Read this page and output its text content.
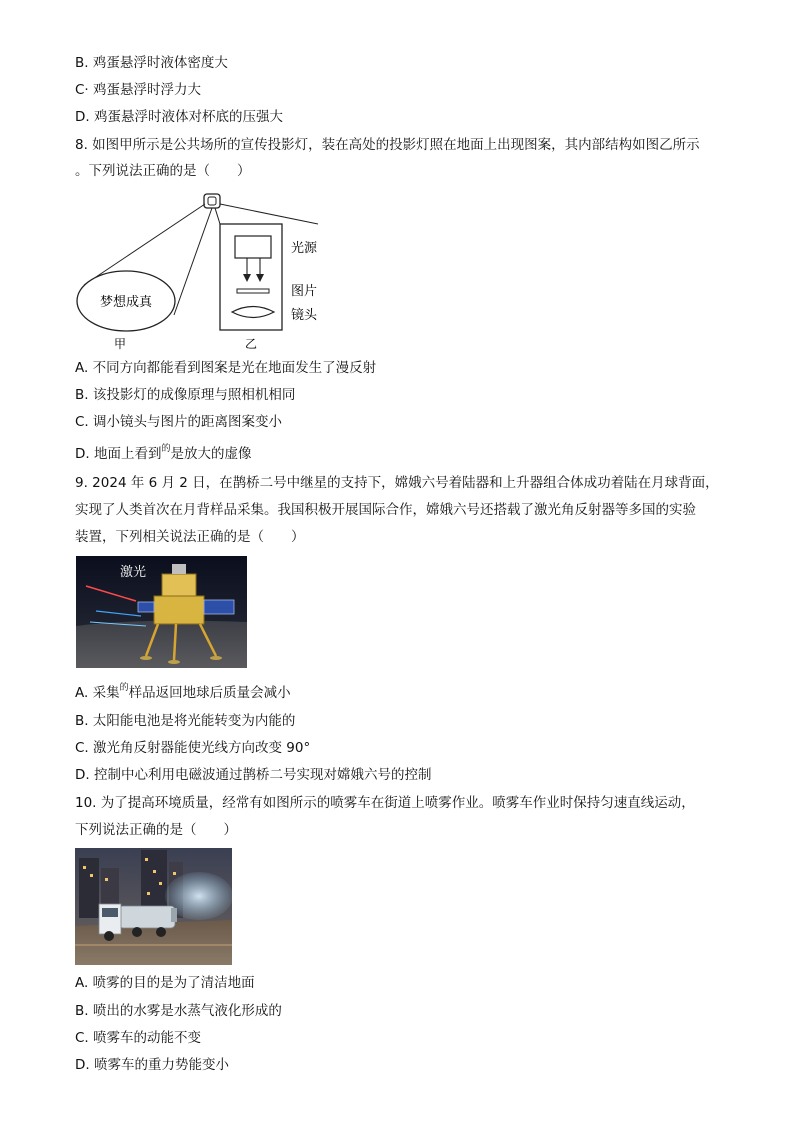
B. 鸡蛋悬浮时液体密度大
C· 鸡蛋悬浮时浮力大
D. 鸡蛋悬浮时液体对杯底的压强大
8. 如图甲所示是公共场所的宣传投影灯，装在高处的投影灯照在地面上出现图案，其内部结构如图乙所示
。下列说法正确的是（　　）
梦想成真
甲	乙
光源
图片
镜头
A. 不同方向都能看到图案是光在地面发生了漫反射
B. 该投影灯的成像原理与照相机相同
C. 调小镜头与图片的距离图案变小
D. 地面上看到$^的$是放大的虚像
9. 2024 年 6 月 2 日，在鹊桥二号中继星的支持下，嫦娥六号着陆器和上升器组合体成功着陆在月球背面，
实现了人类首次在月背样品采集。我国积极开展国际合作，嫦娥六号还搭载了激光角反射器等多国的实验
装置，下列相关说法正确的是（　　）
激光
A. 采集$^的$样品返回地球后质量会减小
B. 太阳能电池是将光能转变为内能的
C. 激光角反射器能使光线方向改变 90°
D. 控制中心利用电磁波通过鹊桥二号实现对嫦娥六号的控制
10. 为了提高环境质量，经常有如图所示的喷雾车在街道上喷雾作业。喷雾车作业时保持匀速直线运动，
下列说法正确的是（　　）
A. 喷雾的目的是为了清洁地面
B. 喷出的水雾是水蒸气液化形成的
C. 喷雾车的动能不变
D. 喷雾车的重力势能变小
